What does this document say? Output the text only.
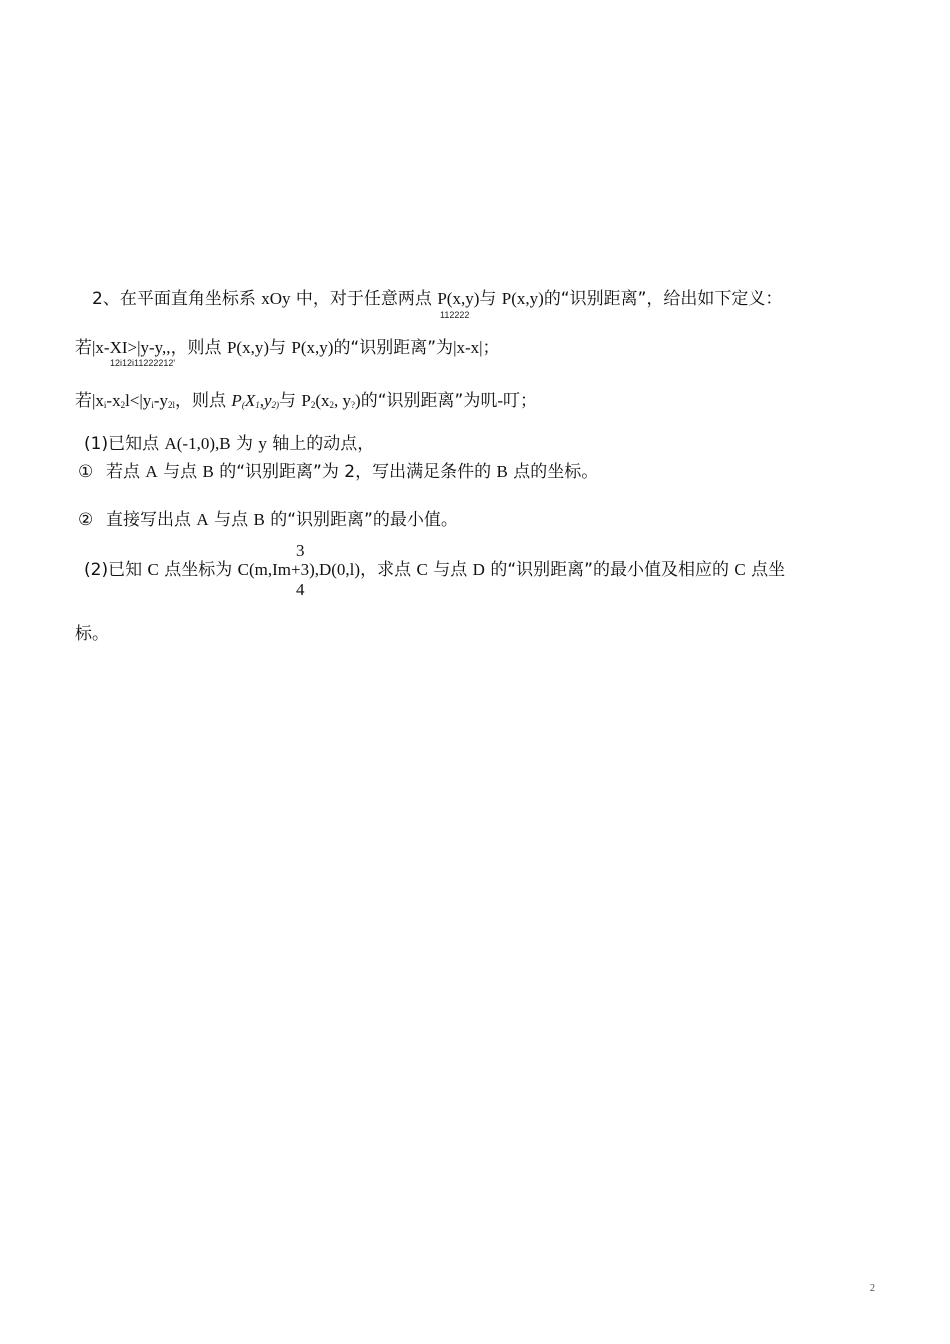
2、在平面直角坐标系 xOy 中，对于任意两点 P(x,y)与 P(x,y)的“识别距离”，给出如下定义：
112222
若|x-XI>|y-y,,，则点 P(x,y)与 P(x,y)的“识别距离”为|x-x|；
12i12i11222212'
若$|x_i-x_2l<|y_i-y_{2l}$，则点 $P_(X_1,y_{2)}$与 $P_2(x_2$, $y_?$)的“识别距离”为叽-叮；
(1)已知点 A(-1,0),B 为 y 轴上的动点，
① 若点 A 与点 B 的“识别距离”为 2，写出满足条件的 B 点的坐标。
② 直接写出点 A 与点 B 的“识别距离”的最小值。
3
4
(2)已知 C 点坐标为 C(m,Im+3),D(0,l)，求点 C 与点 D 的“识别距离”的最小值及相应的 C 点坐
标。
2
